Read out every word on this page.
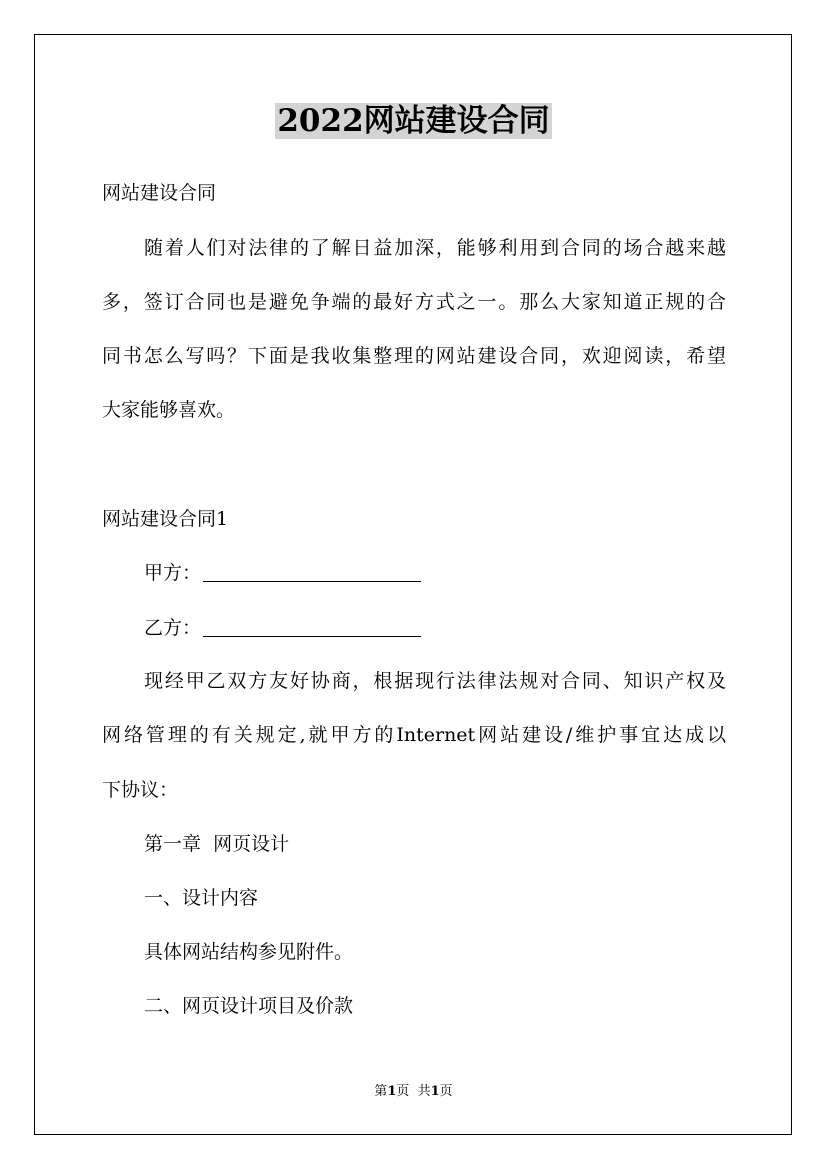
2022网站建设合同
网站建设合同
随着人们对法律的了解日益加深，能够利用到合同的场合越来越
多，签订合同也是避免争端的最好方式之一。那么大家知道正规的合
同书怎么写吗？下面是我收集整理的网站建设合同，欢迎阅读，希望
大家能够喜欢。
网站建设合同1
甲方：
乙方：
现经甲乙双方友好协商，根据现行法律法规对合同、知识产权及
网络管理的有关规定,就甲方的Internet网站建设/维护事宜达成以
下协议：
第一章  网页设计
一、设计内容
具体网站结构参见附件。
二、网页设计项目及价款
第1页  共1页
